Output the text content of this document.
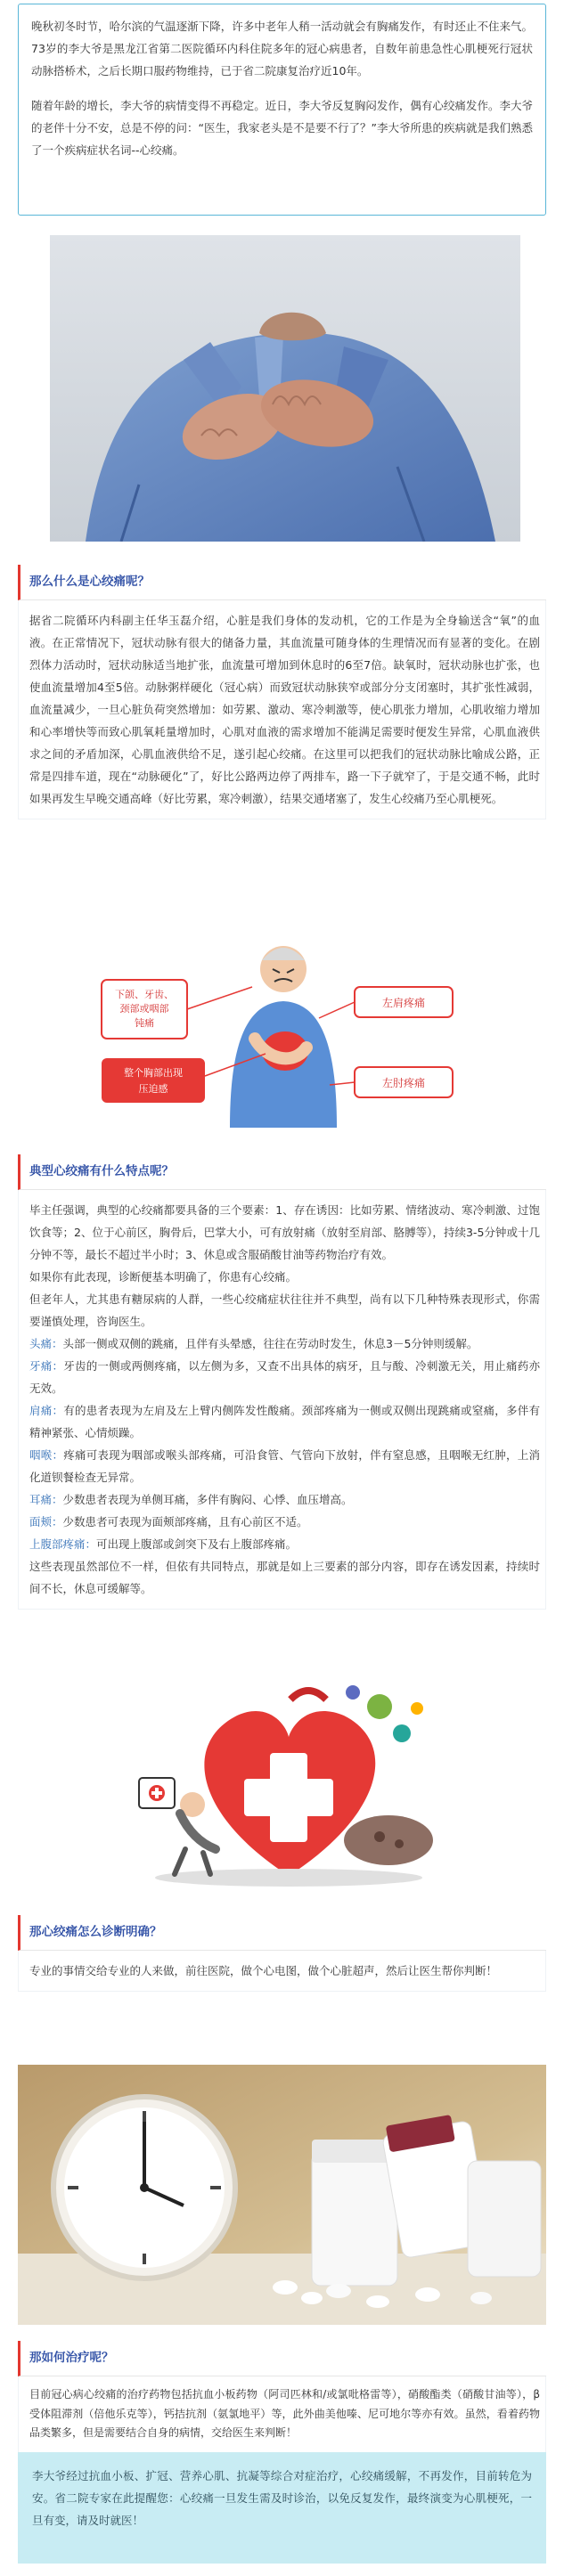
晚秋初冬时节，哈尔滨的气温逐渐下降，许多中老年人稍一活动就会有胸痛发作，有时还止不住来气。73岁的李大爷是黑龙江省第二医院循环内科住院多年的冠心病患者，自数年前患急性心肌梗死行冠状动脉搭桥术，之后长期口服药物维持，已于省二院康复治疗近10年。

随着年龄的增长，李大爷的病情变得不再稳定。近日，李大爷反复胸闷发作，偶有心绞痛发作。李大爷的老伴十分不安，总是不停的问：“医生，我家老头是不是要不行了？”李大爷所患的疾病就是我们熟悉了一个疾病症状名词--心绞痛。

那么什么是心绞痛呢？

据省二院循环内科副主任华玉磊介绍，心脏是我们身体的发动机，它的工作是为全身输送含“氧”的血液。在正常情况下，冠状动脉有很大的储备力量，其血流量可随身体的生理情况而有显著的变化。在剧烈体力活动时，冠状动脉适当地扩张，血流量可增加到休息时的6至7倍。缺氧时，冠状动脉也扩张，也使血流量增加4至5倍。动脉粥样硬化（冠心病）而致冠状动脉狭窄或部分分支闭塞时，其扩张性减弱，血流量减少，一旦心脏负荷突然增加：如劳累、激动、寒冷刺激等，使心肌张力增加，心肌收缩力增加和心率增快等而致心肌氧耗量增加时，心肌对血液的需求增加不能满足需要时便发生异常，心肌血液供求之间的矛盾加深，心肌血液供给不足，遂引起心绞痛。在这里可以把我们的冠状动脉比喻成公路，正常是四排车道，现在“动脉硬化”了，好比公路两边停了两排车，路一下子就窄了，于是交通不畅，此时如果再发生早晚交通高峰（好比劳累，寒冷刺激），结果交通堵塞了，发生心绞痛乃至心肌梗死。

下颌、牙齿、
颈部或咽部
钝痛
左肩疼痛
整个胸部出现
压迫感	左肘疼痛
典型心绞痛有什么特点呢？

毕主任强调，典型的心绞痛都要具备的三个要素：1、存在诱因：比如劳累、情绪波动、寒冷刺激、过饱饮食等；2、位于心前区，胸骨后，巴掌大小，可有放射痛（放射至肩部、胳膊等），持续3-5分钟或十几分钟不等，最长不超过半小时；3、休息或含服硝酸甘油等药物治疗有效。

如果你有此表现，诊断便基本明确了，你患有心绞痛。

但老年人，尤其患有糖尿病的人群，一些心绞痛症状往往并不典型，尚有以下几种特殊表现形式，你需要谨慎处理，咨询医生。

头痛：头部一侧或双侧的跳痛，且伴有头晕感，往往在劳动时发生，休息3－5分钟则缓解。

牙痛：牙齿的一侧或两侧疼痛，以左侧为多，又查不出具体的病牙，且与酸、冷刺激无关，用止痛药亦无效。

肩痛：有的患者表现为左肩及左上臂内侧阵发性酸痛。颈部疼痛为一侧或双侧出现跳痛或窒痛，多伴有精神紧张、心情烦躁。

咽喉：疼痛可表现为咽部或喉头部疼痛，可沿食管、气管向下放射，伴有窒息感，且咽喉无红肿，上消化道钡餐检查无异常。

耳痛：少数患者表现为单侧耳痛，多伴有胸闷、心悸、血压增高。

面颊：少数患者可表现为面颊部疼痛，且有心前区不适。

上腹部疼痛：可出现上腹部或剑突下及右上腹部疼痛。

这些表现虽然部位不一样，但依有共同特点，那就是如上三要素的部分内容，即存在诱发因素，持续时间不长，休息可缓解等。

那心绞痛怎么诊断明确？

专业的事情交给专业的人来做，前往医院，做个心电图，做个心脏超声，然后让医生帮你判断！

那如何治疗呢？

目前冠心病心绞痛的治疗药物包括抗血小板药物（阿司匹林和/或氯吡格雷等），硝酸酯类（硝酸甘油等），β受体阻滞剂（倍他乐克等），钙拮抗剂（氨氯地平）等，此外曲美他嗪、尼可地尔等亦有效。虽然，看着药物品类繁多，但是需要结合自身的病情，交给医生来判断！

李大爷经过抗血小板、扩冠、营养心肌、抗凝等综合对症治疗，心绞痛缓解，不再发作，目前转危为安。省二院专家在此提醒您：心绞痛一旦发生需及时诊治，以免反复发作，最终演变为心肌梗死，一旦有变，请及时就医！
